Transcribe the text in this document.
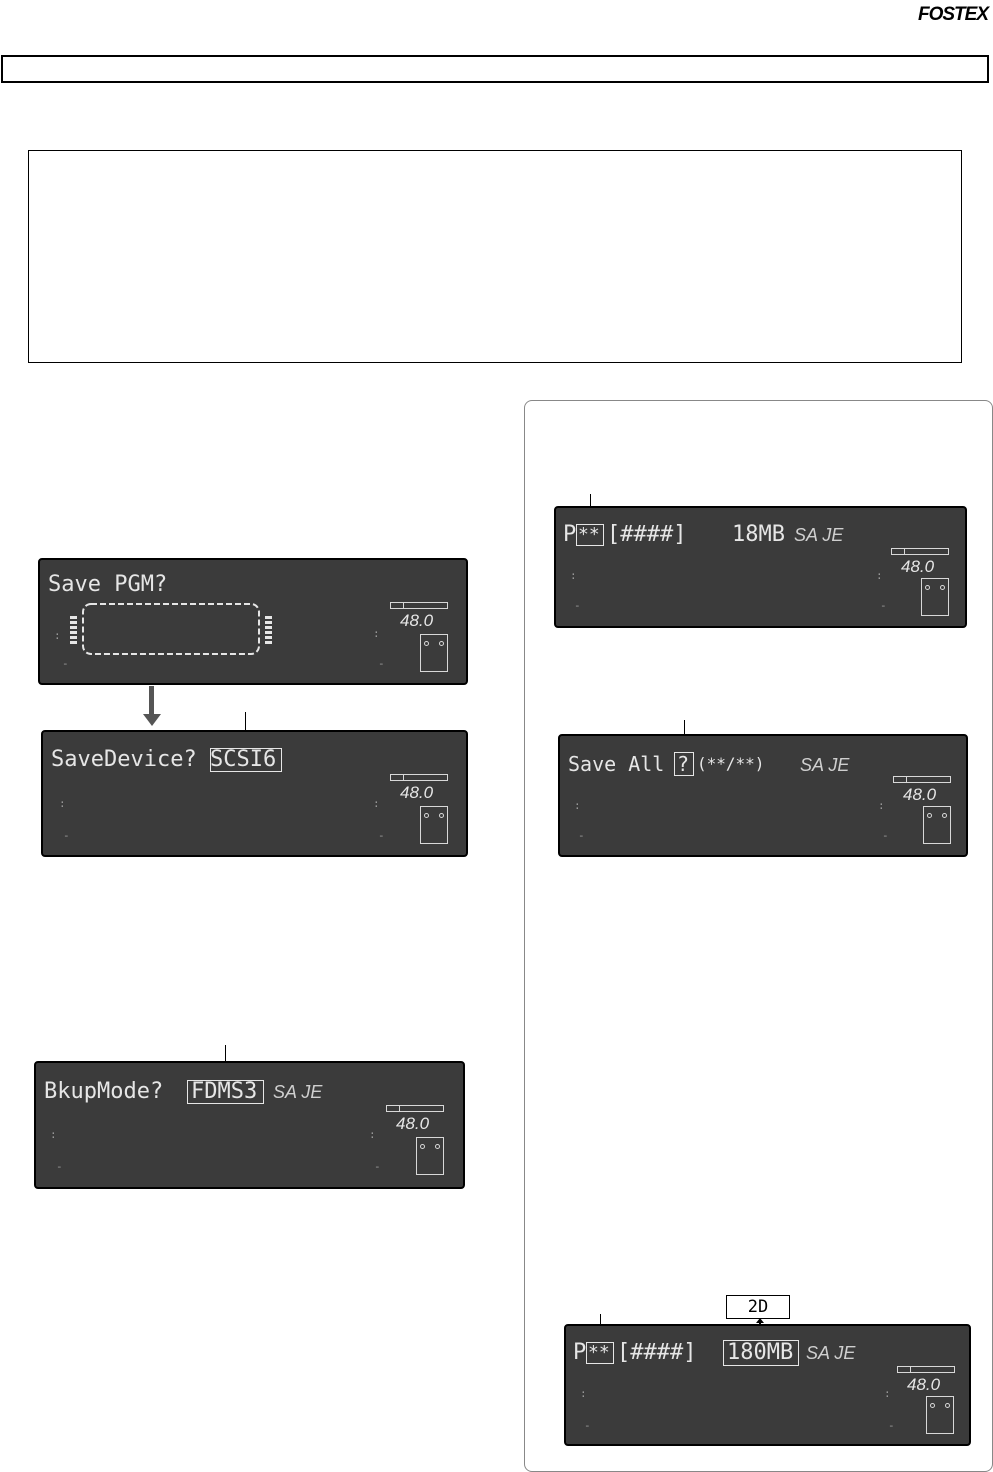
FOSTEX
Save PGM?
:
-
:
-
48.0
SaveDevice? SCSI6
:
-
:
-
48.0
BkupMode? FDMS3 SA JE
:
-
:
-
48.0
P ** [####] 18MB SA JE
:
-
:
-
48.0
Save All ? (**/**) SA JE
:
-
:
-
48.0
2D
P ** [####] 180MB SA JE
:
-
:
-
48.0
